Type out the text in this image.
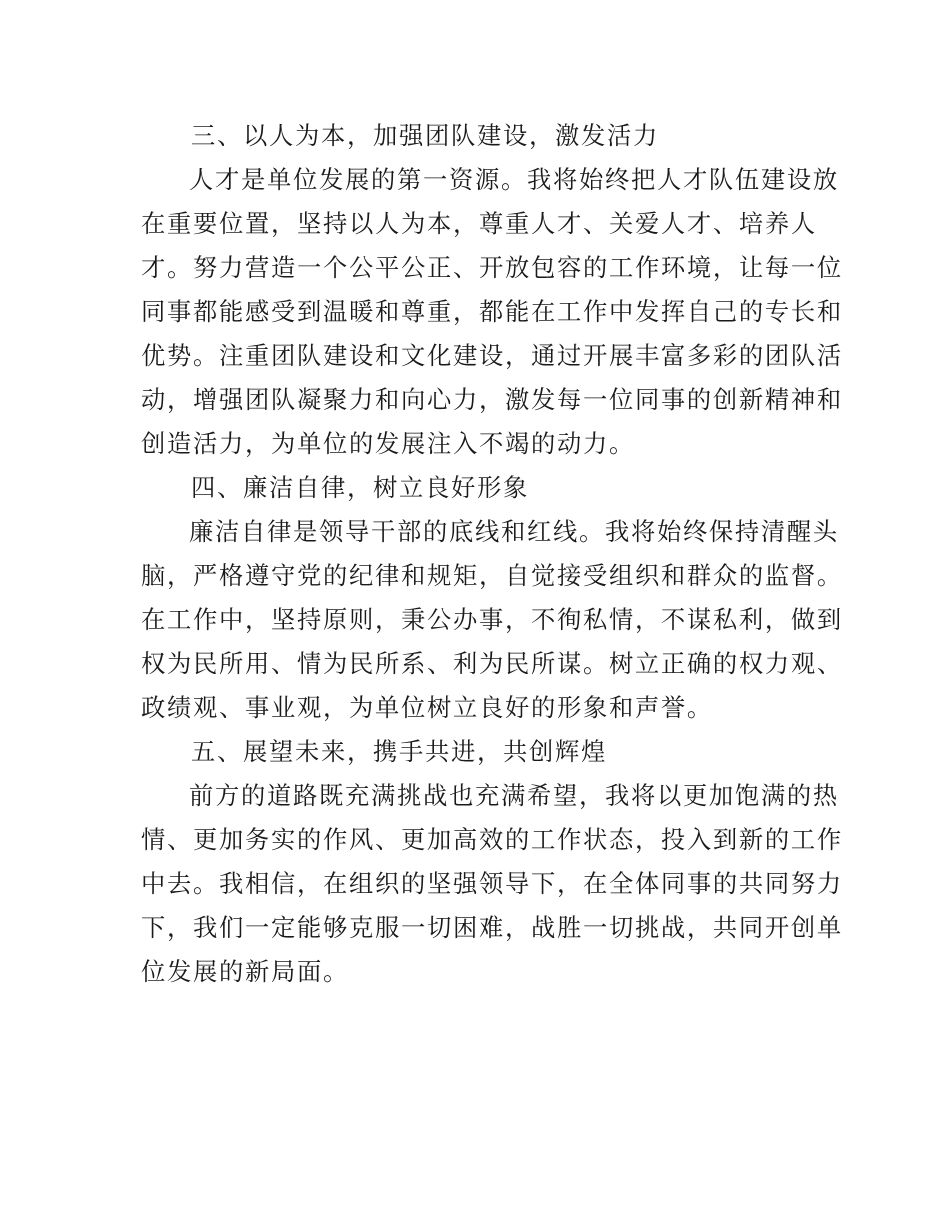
三、以人为本，加强团队建设，激发活力

人才是单位发展的第一资源。我将始终把人才队伍建设放
在重要位置，坚持以人为本，尊重人才、关爱人才、培养人
才。努力营造一个公平公正、开放包容的工作环境，让每一位
同事都能感受到温暖和尊重，都能在工作中发挥自己的专长和
优势。注重团队建设和文化建设，通过开展丰富多彩的团队活
动，增强团队凝聚力和向心力，激发每一位同事的创新精神和
创造活力，为单位的发展注入不竭的动力。

四、廉洁自律，树立良好形象

廉洁自律是领导干部的底线和红线。我将始终保持清醒头
脑，严格遵守党的纪律和规矩，自觉接受组织和群众的监督。
在工作中，坚持原则，秉公办事，不徇私情，不谋私利，做到
权为民所用、情为民所系、利为民所谋。树立正确的权力观、
政绩观、事业观，为单位树立良好的形象和声誉。

五、展望未来，携手共进，共创辉煌

前方的道路既充满挑战也充满希望，我将以更加饱满的热
情、更加务实的作风、更加高效的工作状态，投入到新的工作
中去。我相信，在组织的坚强领导下，在全体同事的共同努力
下，我们一定能够克服一切困难，战胜一切挑战，共同开创单
位发展的新局面。
